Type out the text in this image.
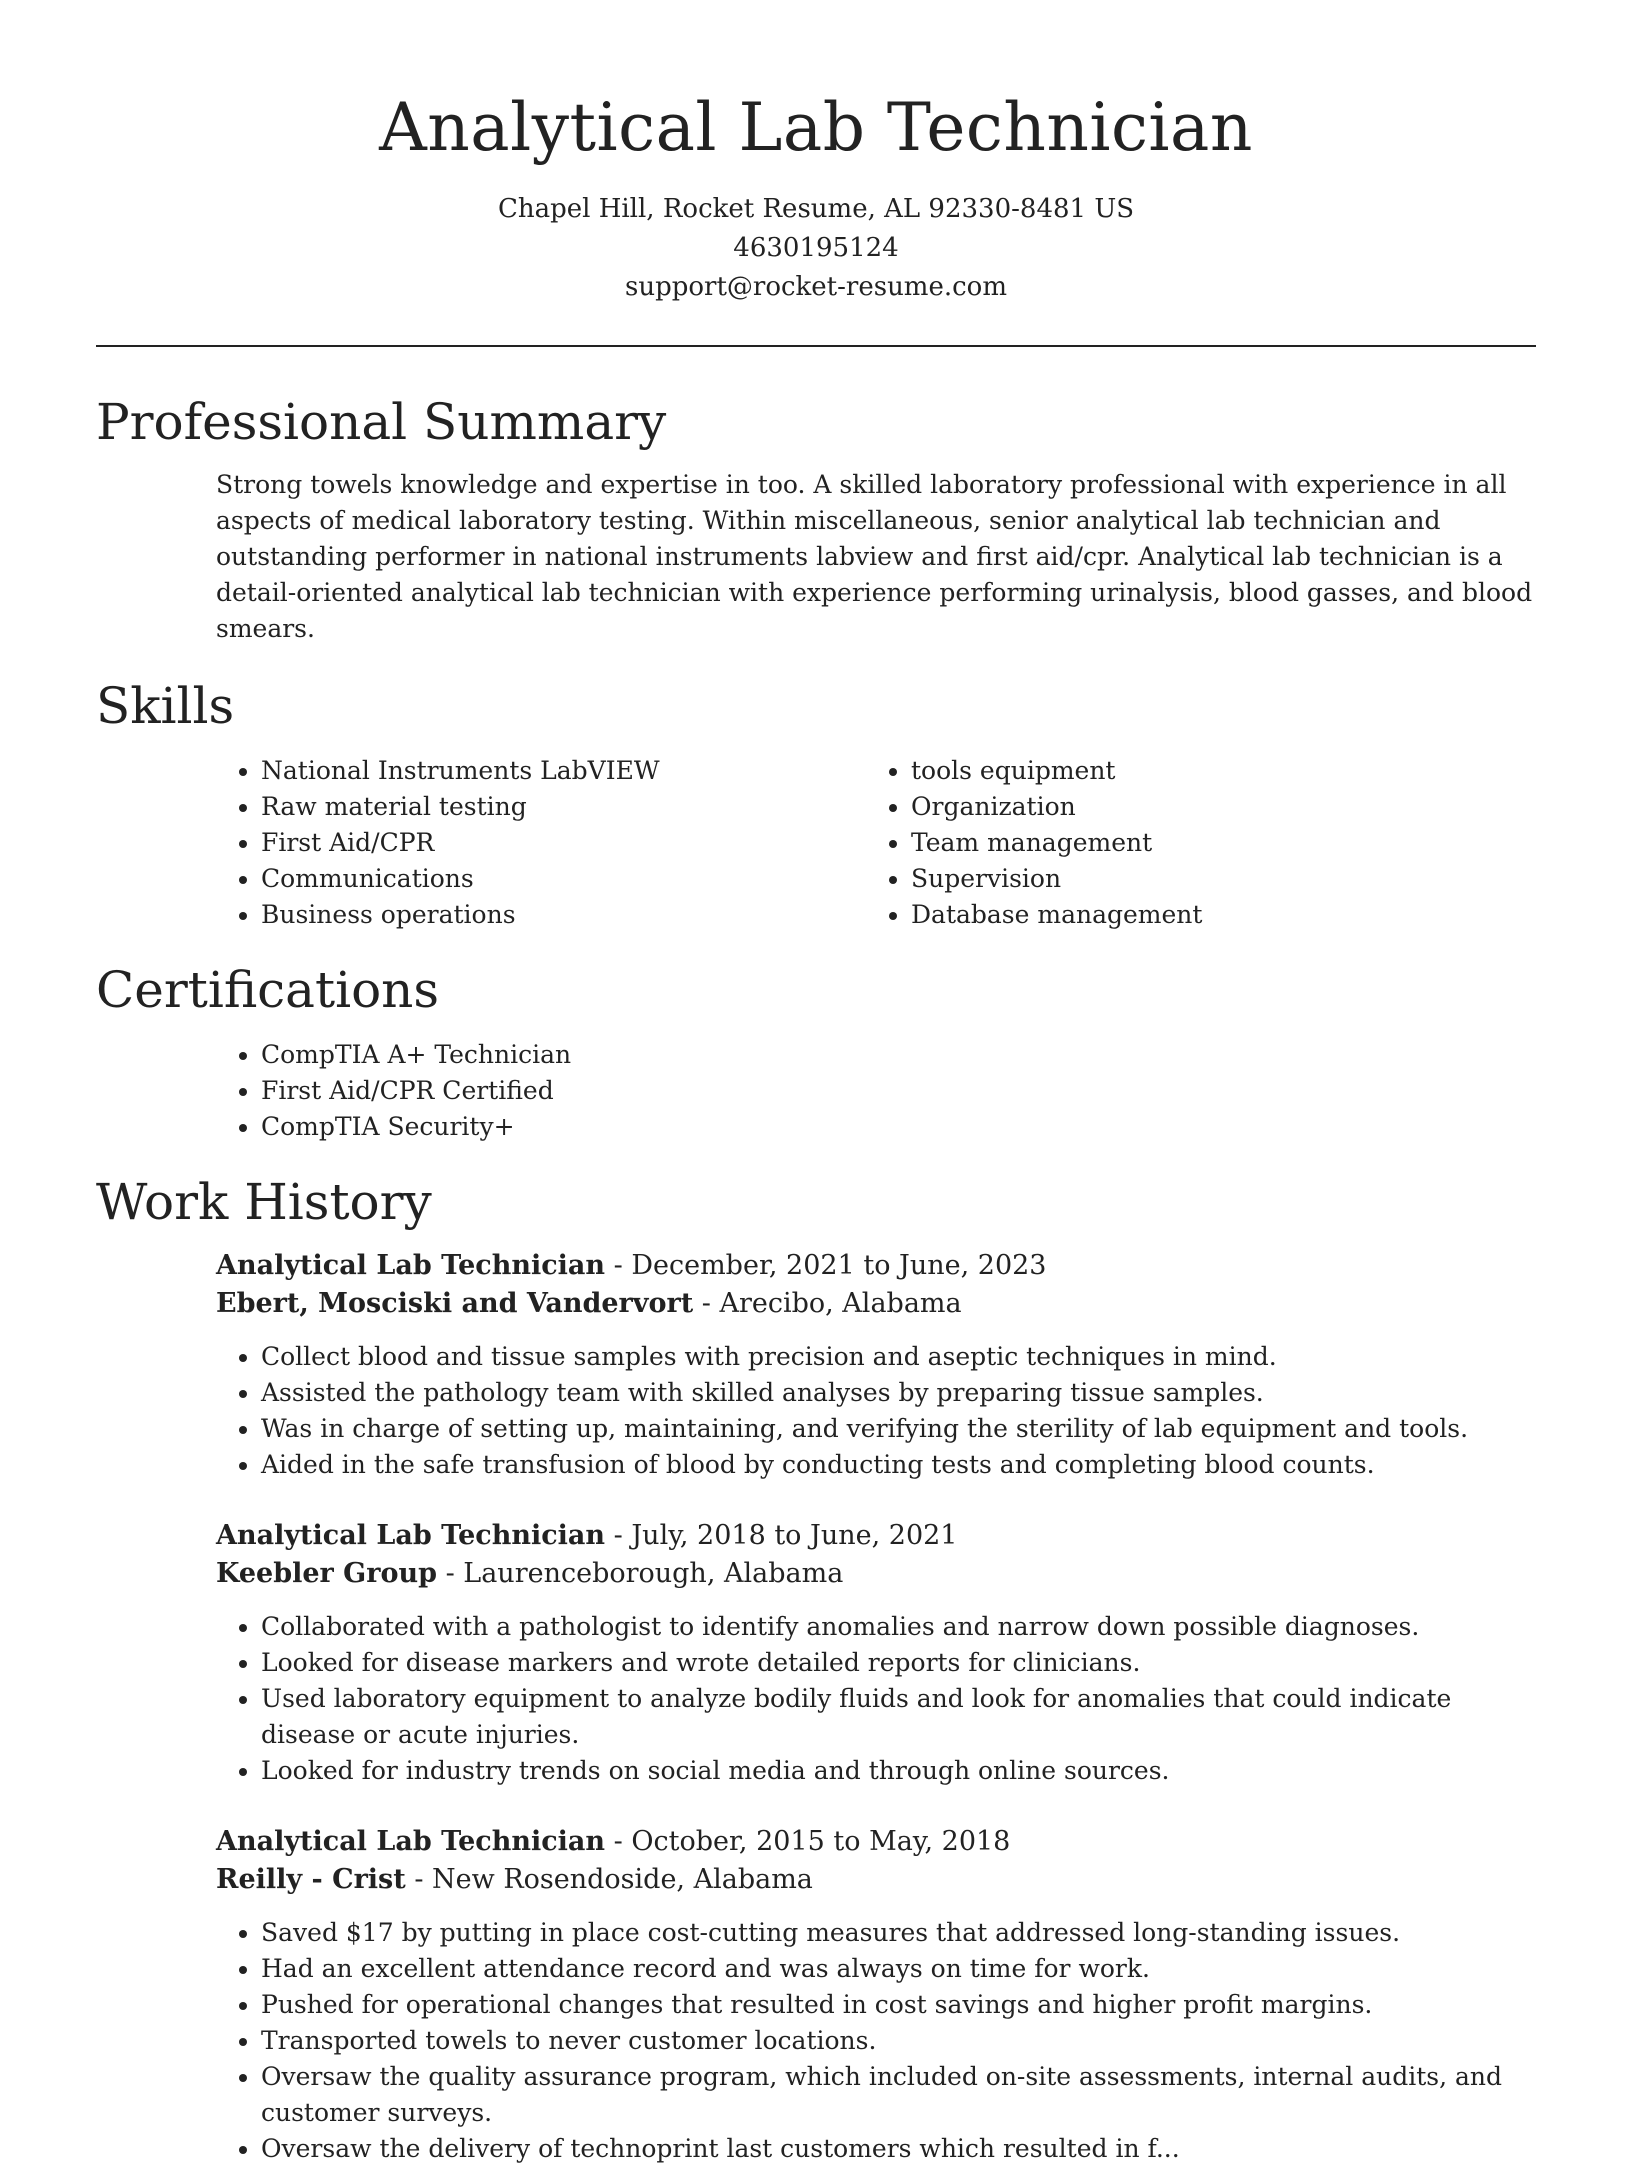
Analytical Lab Technician
Chapel Hill, Rocket Resume, AL 92330-8481 US
4630195124
support@rocket-resume.com
Professional Summary

Strong towels knowledge and expertise in too. A skilled laboratory professional with experience in all aspects of medical laboratory testing. Within miscellaneous, senior analytical lab technician and outstanding performer in national instruments labview and first aid/cpr. Analytical lab technician is a detail-oriented analytical lab technician with experience performing urinalysis, blood gasses, and blood smears.

Skills
• National Instruments LabVIEW
• Raw material testing
• First Aid/CPR
• Communications
• Business operations
• tools equipment
• Organization
• Team management
• Supervision
• Database management
Certifications
• CompTIA A+ Technician
• First Aid/CPR Certified
• CompTIA Security+
Work History
Analytical Lab Technician - December, 2021 to June, 2023
Ebert, Mosciski and Vandervort - Arecibo, Alabama
• Collect blood and tissue samples with precision and aseptic techniques in mind.
• Assisted the pathology team with skilled analyses by preparing tissue samples.
• Was in charge of setting up, maintaining, and verifying the sterility of lab equipment and tools.
• Aided in the safe transfusion of blood by conducting tests and completing blood counts.
Analytical Lab Technician - July, 2018 to June, 2021
Keebler Group - Laurenceborough, Alabama
• Collaborated with a pathologist to identify anomalies and narrow down possible diagnoses.
• Looked for disease markers and wrote detailed reports for clinicians.
• Used laboratory equipment to analyze bodily fluids and look for anomalies that could indicate disease or acute injuries.
• Looked for industry trends on social media and through online sources.
Analytical Lab Technician - October, 2015 to May, 2018
Reilly - Crist - New Rosendoside, Alabama
• Saved $17 by putting in place cost-cutting measures that addressed long-standing issues.
• Had an excellent attendance record and was always on time for work.
• Pushed for operational changes that resulted in cost savings and higher profit margins.
• Transported towels to never customer locations.
• Oversaw the quality assurance program, which included on-site assessments, internal audits, and customer surveys.
• Oversaw the delivery of technoprint last customers which resulted in f...
